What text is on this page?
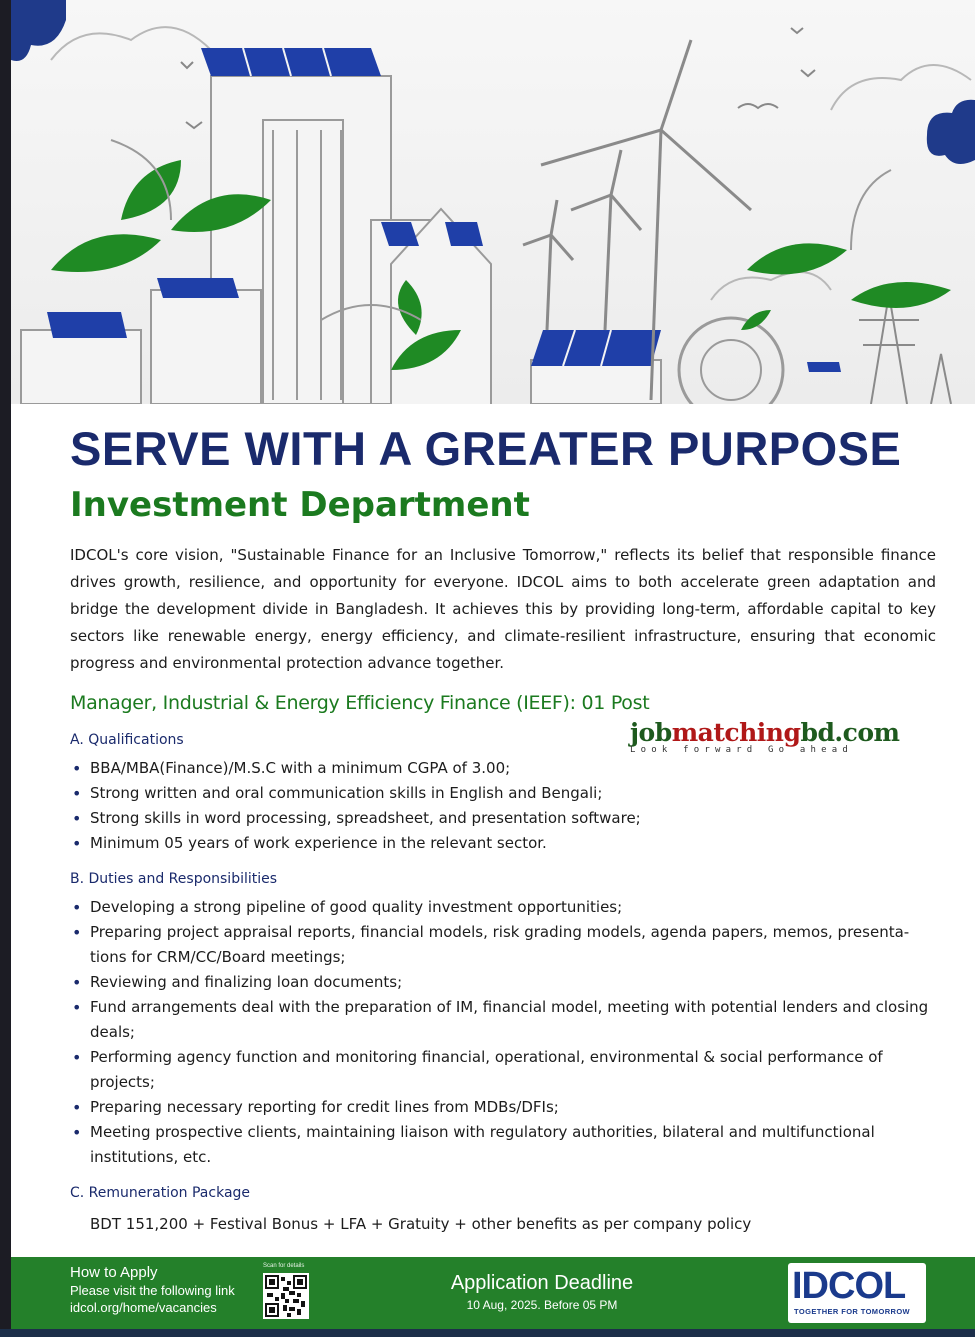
SERVE WITH A GREATER PURPOSE
Investment Department

IDCOL's core vision, "Sustainable Finance for an Inclusive Tomorrow," reflects its belief that responsible finance drives growth, resilience, and opportunity for everyone. IDCOL aims to both accelerate green adaptation and bridge the development divide in Bangladesh. It achieves this by providing long-term, affordable capital to key sectors like renewable energy, energy efficiency, and climate-resilient infrastructure, ensuring that economic progress and environmental protection advance together.

Manager, Industrial & Energy Efficiency Finance (IEEF): 01 Post
A. Qualifications
• BBA/MBA(Finance)/M.S.C with a minimum CGPA of 3.00;
• Strong written and oral communication skills in English and Bengali;
• Strong skills in word processing, spreadsheet, and presentation software;
• Minimum 05 years of work experience in the relevant sector.
B. Duties and Responsibilities
• Developing a strong pipeline of good quality investment opportunities;
• Preparing project appraisal reports, financial models, risk grading models, agenda papers, memos, presenta-tions for CRM/CC/Board meetings;
• Reviewing and finalizing loan documents;
• Fund arrangements deal with the preparation of IM, financial model, meeting with potential lenders and closing deals;
• Performing agency function and monitoring financial, operational, environmental & social performance of projects;
• Preparing necessary reporting for credit lines from MDBs/DFIs;
• Meeting prospective clients, maintaining liaison with regulatory authorities, bilateral and multifunctional institutions, etc.
C. Remuneration Package
BDT 151,200 + Festival Bonus + LFA + Gratuity + other benefits as per company policy
jobmatchingbd.com
Look forward Go ahead
How to Apply
Please visit the following link
idcol.org/home/vacancies
Scan for details
Application Deadline
10 Aug, 2025. Before 05 PM	IDCOL
TOGETHER FOR TOMORROW
